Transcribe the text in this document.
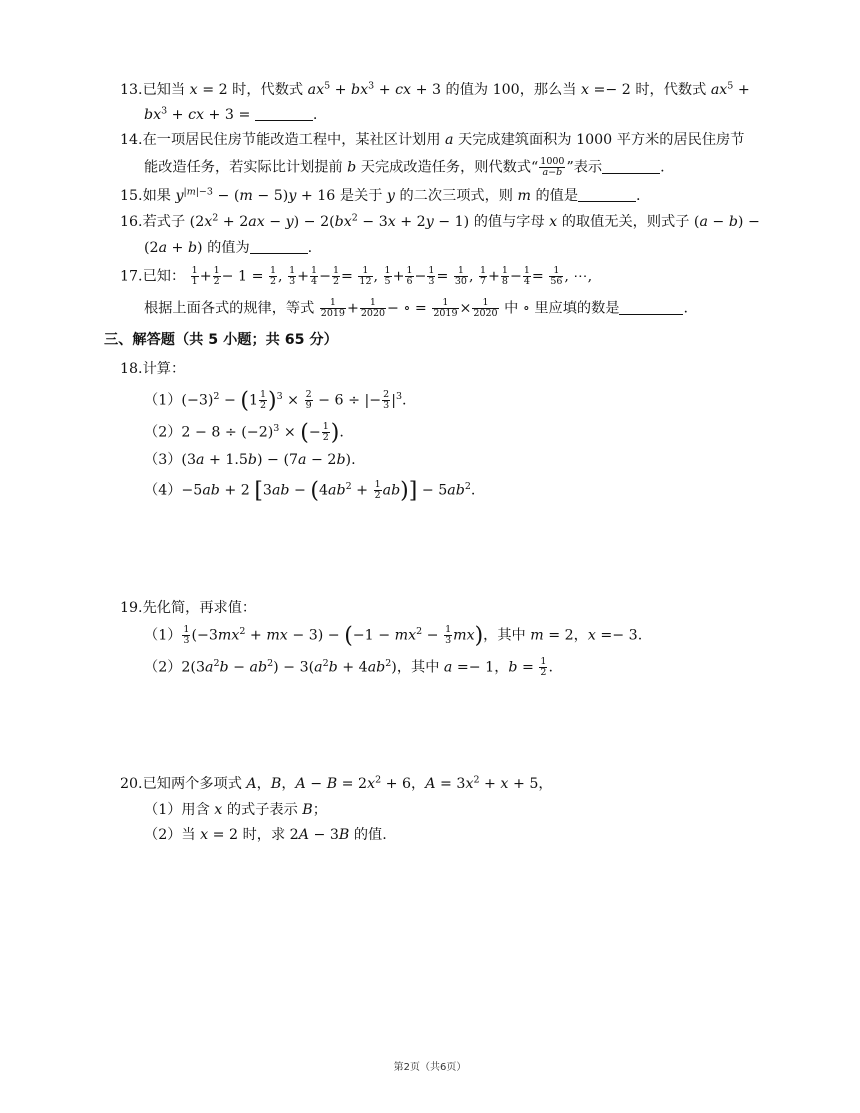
13.已知当 x = 2 时，代数式 $ax^5 + bx^3$ + cx + 3 的值为 100，那么当 x =− 2 时，代数式 $ax^5$ +
$bx^3$ + cx + 3 =	.
14.在一项居民住房节能改造工程中，某社区计划用 a 天完成建筑面积为 1000 平方米的居民住房节
能改造任务，若实际比计划提前 b 天完成改造任务，则代数式“ $\frac{1000}{a-b}$ ”表示	.
15.如果 $y^{|m|-3} - (m - 5)y + 16$ 是关于 y 的二次三项式，则 m 的值是	.
16.若式子 $(2x^2 + 2ax - y) - 2(bx^2 - 3x + 2y - 1)$ 的值与字母 x 的取值无关，则式子 (a − b) −
(2a + b) 的值为	.
17.已知： $\frac{1}{1} + \frac{1}{2} - 1 = \frac{1}{2}$ , $\frac{1}{3} + \frac{1}{4} - \frac{1}{2} = \frac{1}{12}$ , $\frac{1}{5} + \frac{1}{6} - \frac{1}{3} = \frac{1}{30}$ , $\frac{1}{7} + \frac{1}{8} - \frac{1}{4} = \frac{1}{56}$ , ⋯,
根据上面各式的规律，等式 $\frac{1}{2019} + \frac{1}{2020}$ − ∘ = $\frac{1}{2019} \times \frac{1}{2020}$ 中 ∘ 里应填的数是	.
三、解答题（共 5 小题；共 65 分）
18.计算：
$(1)(-3)^2 - (1 \frac{1}{2} )^3 \times \frac{2}{9} - 6$ ÷ |− $\frac{2}{3} |^3$.
$(2)2 - 8 \div (-2)^3$ × (− $\frac{1}{2}$ ).
（3）(3a + 1.5b) − (7a − 2b).
（4）−5ab + 2 $[3ab - (4ab^2 + \frac{1}{2} ab)] - 5ab^2$.
19.先化简，再求值：
$(1) \frac{1}{3} (-3mx^2$ + mx − $3) - (-1 - mx^2 - \frac{1}{3} mx)$，其中 m = 2，x =− 3.
$(2)2(3a^2b - ab^2) - 3(a^2b + 4ab^2)$，其中 a =− 1，$b = \frac{1}{2}$ .
20.已知两个多项式 A，B，$A - B = 2x^2 + 6$，$A = 3x^2 + x + 5$，
（1）用含 x 的式子表示 B；
（2）当 x = 2 时，求 2A − 3B 的值.
第2页（共6页）
